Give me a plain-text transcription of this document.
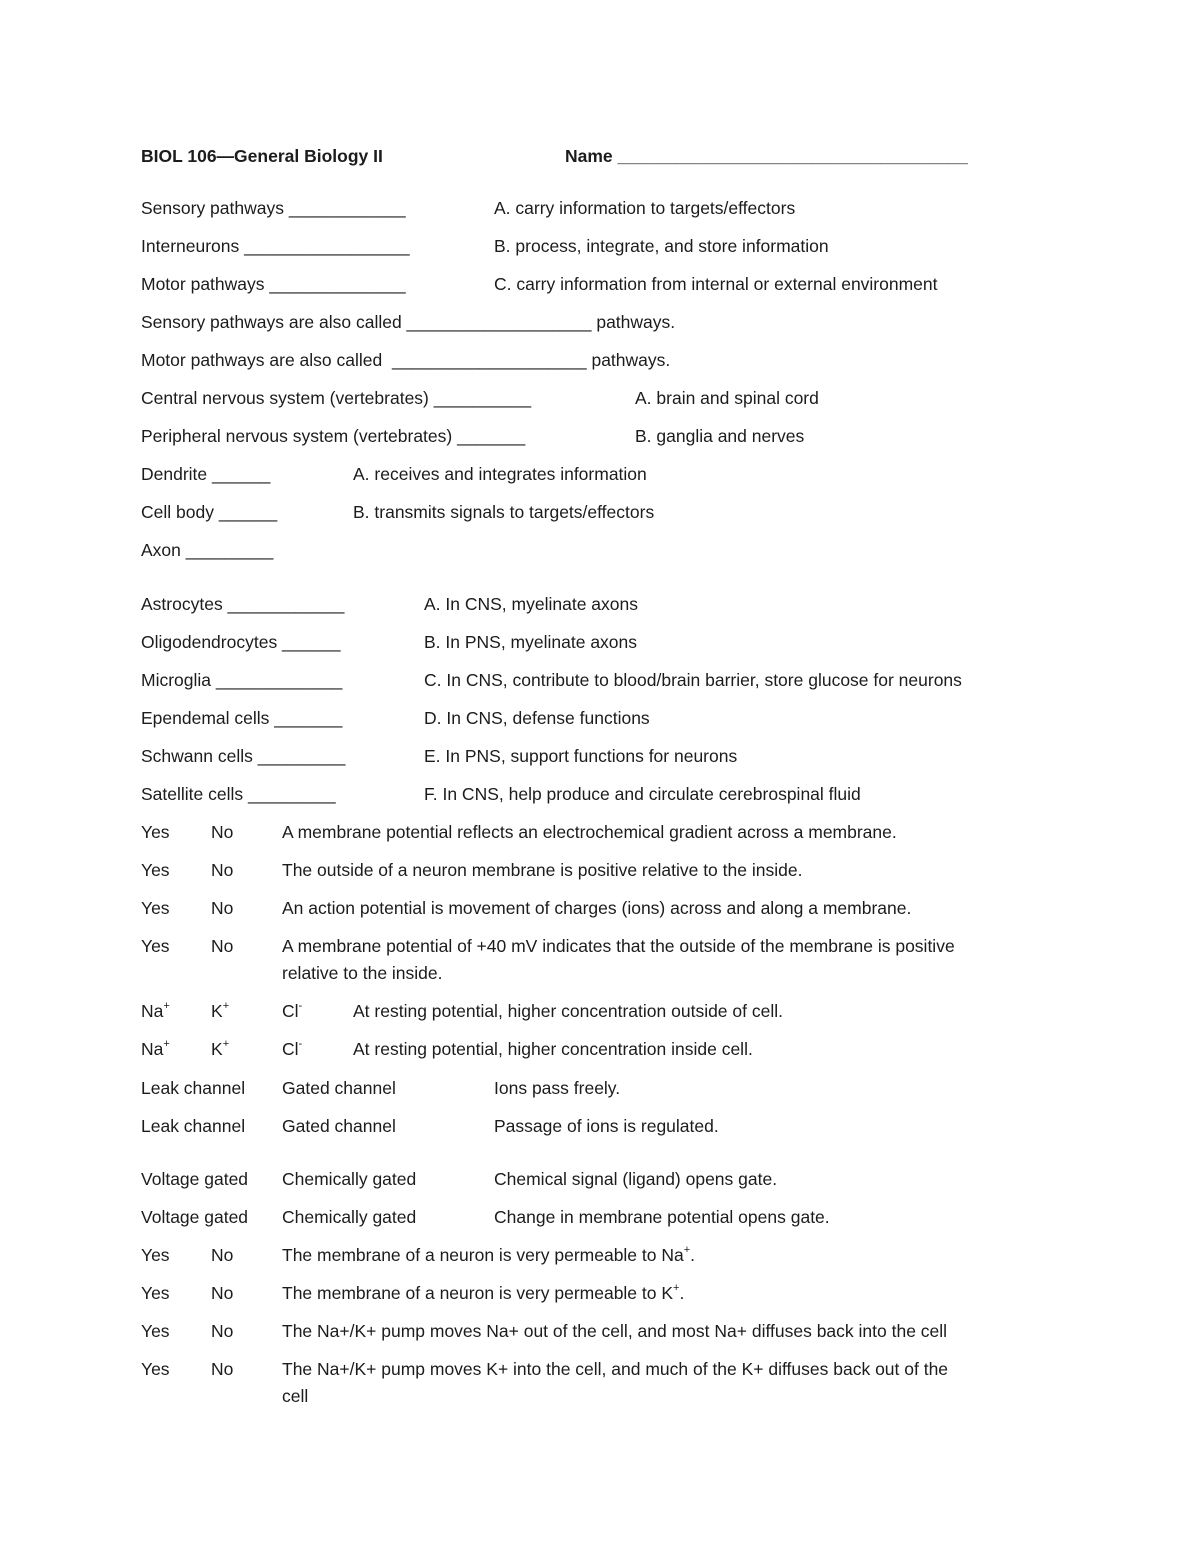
BIOL 106—General Biology II	Name ____________________________________
Sensory pathways ____________	A. carry information to targets/effectors
Interneurons _________________	B. process, integrate, and store information
Motor pathways ______________	C. carry information from internal or external environment
Sensory pathways are also called ___________________ pathways.
Motor pathways are also called  ____________________ pathways.
Central nervous system (vertebrates) __________	A. brain and spinal cord
Peripheral nervous system (vertebrates) _______	B. ganglia and nerves
Dendrite ______	A. receives and integrates information
Cell body ______	B. transmits signals to targets/effectors
Axon _________
Astrocytes ____________	A. In CNS, myelinate axons
Oligodendrocytes ______	B. In PNS, myelinate axons
Microglia _____________	C. In CNS, contribute to blood/brain barrier, store glucose for neurons
Ependemal cells _______	D. In CNS, defense functions
Schwann cells _________	E. In PNS, support functions for neurons
Satellite cells _________	F. In CNS, help produce and circulate cerebrospinal fluid
Yes No	A membrane potential reflects an electrochemical gradient across a membrane.
Yes No	The outside of a neuron membrane is positive relative to the inside.
Yes No	An action potential is movement of charges (ions) across and along a membrane.
Yes No	A membrane potential of +40 mV indicates that the outside of the membrane is positive
relative to the inside.
Na+ K+	Cl-	At resting potential, higher concentration outside of cell.
Na+ K+	Cl-	At resting potential, higher concentration inside cell.
Leak channel Gated channel	Ions pass freely.
Leak channel Gated channel	Passage of ions is regulated.
Voltage gated Chemically gated	Chemical signal (ligand) opens gate.
Voltage gated Chemically gated	Change in membrane potential opens gate.
Yes No	The membrane of a neuron is very permeable to Na+.
Yes No	The membrane of a neuron is very permeable to K+.
Yes No	The Na+/K+ pump moves Na+ out of the cell, and most Na+ diffuses back into the cell
Yes No	The Na+/K+ pump moves K+ into the cell, and much of the K+ diffuses back out of the
cell
